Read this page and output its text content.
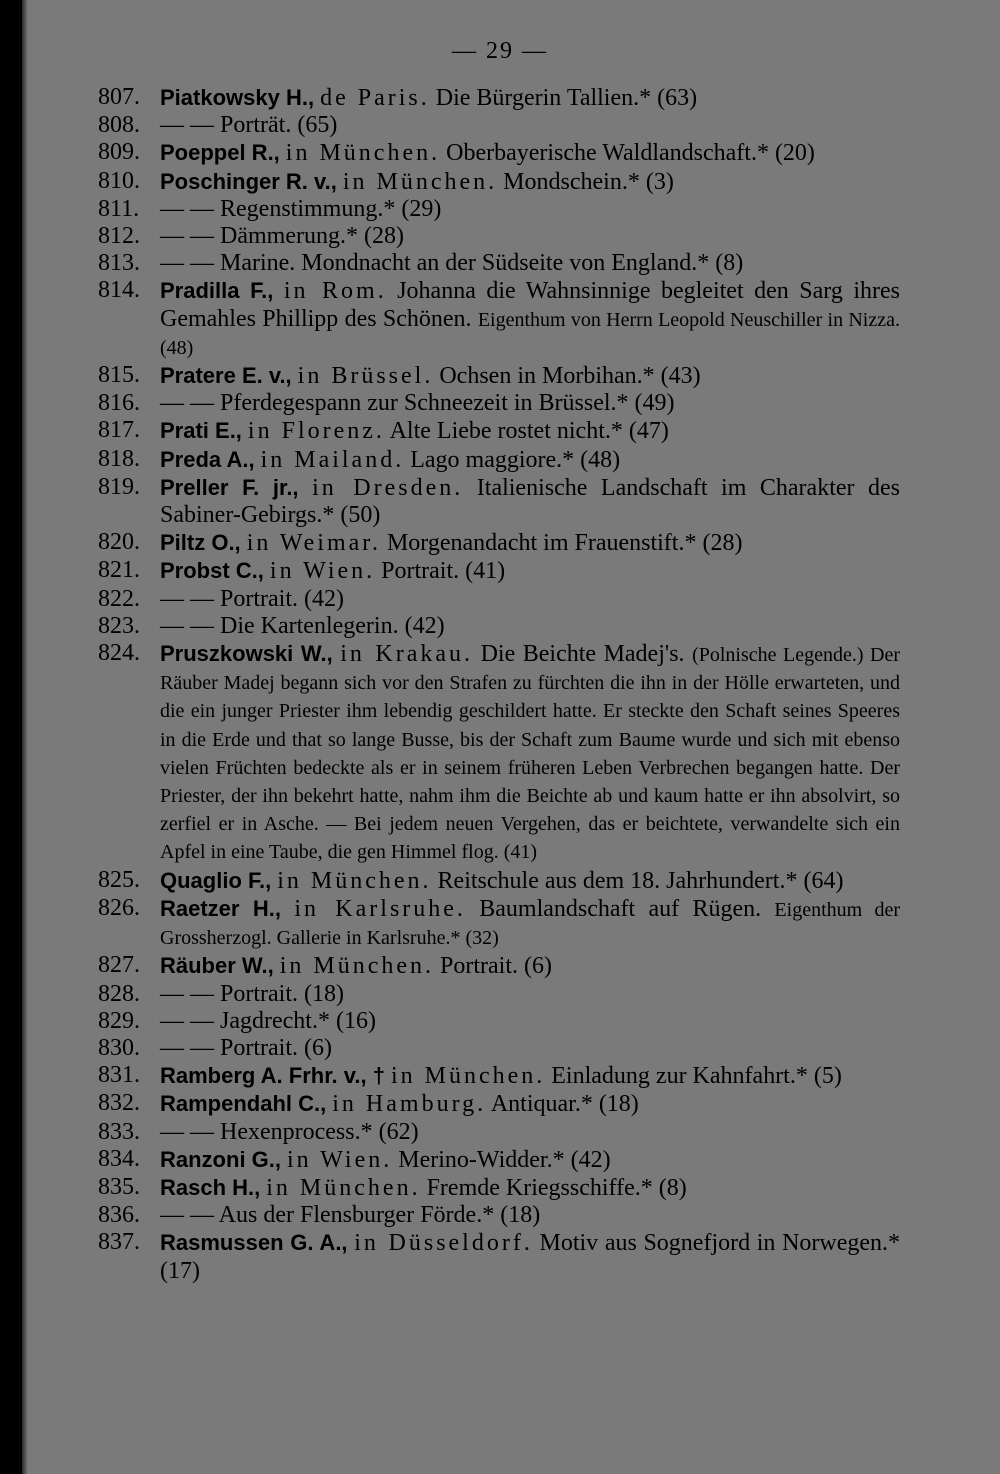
— 29 —
807. Piatkowsky H., de Paris. Die Bürgerin Tallien.* (63)
808. — — Porträt. (65)
809. Poeppel R., in München. Oberbayerische Waldlandschaft.* (20)
810. Poschinger R. v., in München. Mondschein.* (3)
811. — — Regenstimmung.* (29)
812. — — Dämmerung.* (28)
813. — — Marine. Mondnacht an der Südseite von England.* (8)
814. Pradilla F., in Rom. Johanna die Wahnsinnige begleitet den Sarg ihres Gemahles Phillipp des Schönen. Eigenthum von Herrn Leopold Neuschiller in Nizza. (48)
815. Pratere E. v., in Brüssel. Ochsen in Morbihan.* (43)
816. — — Pferdegespann zur Schneezeit in Brüssel.* (49)
817. Prati E., in Florenz. Alte Liebe rostet nicht.* (47)
818. Preda A., in Mailand. Lago maggiore.* (48)
819. Preller F. jr., in Dresden. Italienische Landschaft im Charakter des Sabiner-Gebirgs.* (50)
820. Piltz O., in Weimar. Morgenandacht im Frauenstift.* (28)
821. Probst C., in Wien. Portrait. (41)
822. — — Portrait. (42)
823. — — Die Kartenlegerin. (42)
824. Pruszkowski W., in Krakau. Die Beichte Madej's. (Polnische Legende.) Der Räuber Madej begann sich vor den Strafen zu fürchten die ihn in der Hölle erwarteten, und die ein junger Priester ihm lebendig geschildert hatte. Er steckte den Schaft seines Speeres in die Erde und that so lange Busse, bis der Schaft zum Baume wurde und sich mit ebenso vielen Früchten bedeckte als er in seinem früheren Leben Verbrechen begangen hatte. Der Priester, der ihn bekehrt hatte, nahm ihm die Beichte ab und kaum hatte er ihn absolvirt, so zerfiel er in Asche. — Bei jedem neuen Vergehen, das er beichtete, verwandelte sich ein Apfel in eine Taube, die gen Himmel flog. (41)
825. Quaglio F., in München. Reitschule aus dem 18. Jahrhundert.* (64)
826. Raetzer H., in Karlsruhe. Baumlandschaft auf Rügen. Eigenthum der Grossherzogl. Gallerie in Karlsruhe.* (32)
827. Räuber W., in München. Portrait. (6)
828. — — Portrait. (18)
829. — — Jagdrecht.* (16)
830. — — Portrait. (6)
831. Ramberg A. Frhr. v., † in München. Einladung zur Kahnfahrt.* (5)
832. Rampendahl C., in Hamburg. Antiquar.* (18)
833. — — Hexenprocess.* (62)
834. Ranzoni G., in Wien. Merino-Widder.* (42)
835. Rasch H., in München. Fremde Kriegsschiffe.* (8)
836. — — Aus der Flensburger Förde.* (18)
837. Rasmussen G. A., in Düsseldorf. Motiv aus Sognefjord in Norwegen.* (17)
